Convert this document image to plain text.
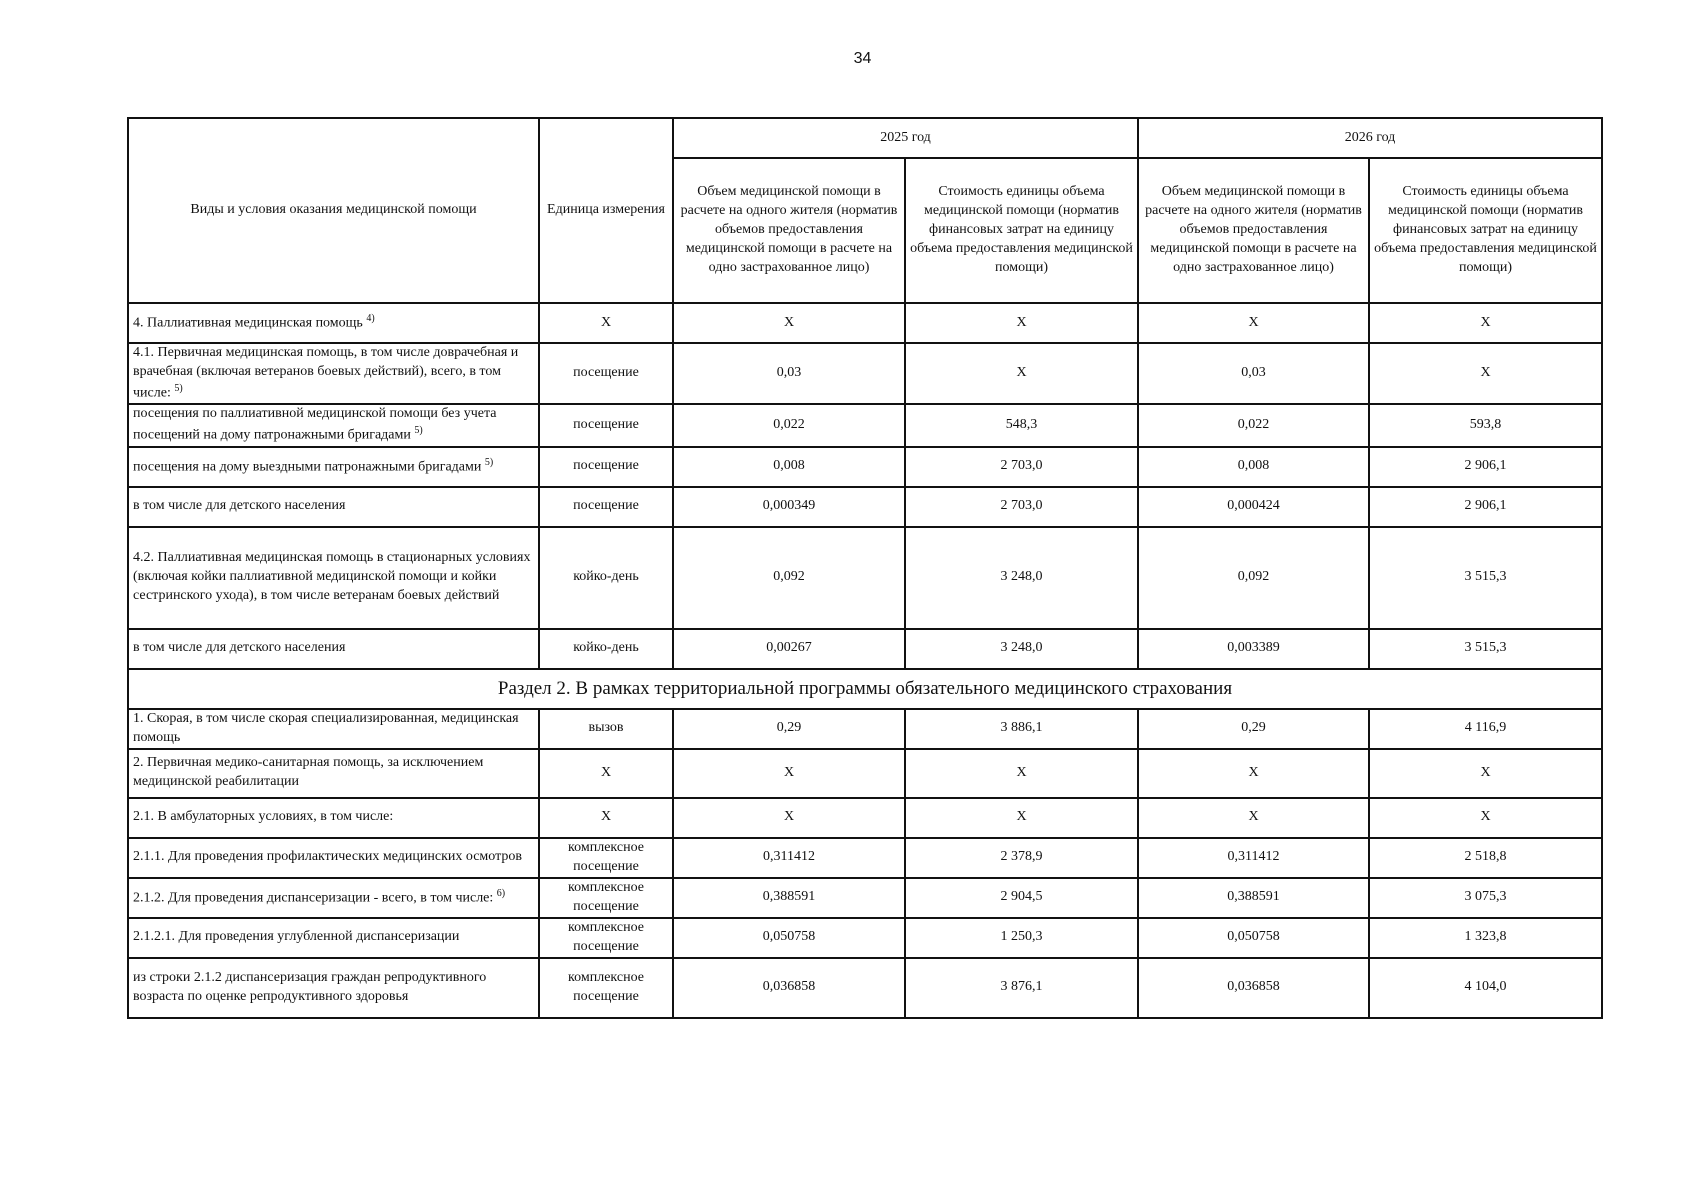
34
Виды и условия оказания медицинской помощи	Единица измерения	2025 год		2026 год	
		Объем медицинской помощи в расчете на одного жителя (норматив объемов предоставления медицинской помощи в расчете на одно застрахованное лицо)	Стоимость единицы объема медицинской помощи (норматив финансовых затрат на единицу объема предоставления медицинской помощи)	Объем медицинской помощи в расчете на одного жителя (норматив объемов предоставления медицинской помощи в расчете на одно застрахованное лицо)	Стоимость единицы объема медицинской помощи (норматив финансовых затрат на единицу объема предоставления медицинской помощи)
4. Паллиативная медицинская помощь $^{4)}$	Х	Х	Х	Х	Х
4.1. Первичная медицинская помощь, в том числе доврачебная и врачебная (включая ветеранов боевых действий), всего, в том числе: $^{5)}$	посещение	0,03	Х	0,03	Х
посещения по паллиативной медицинской помощи без учета посещений на дому патронажными бригадами $^{5)}$	посещение	0,022	548,3	0,022	593,8
посещения на дому выездными патронажными бригадами $^{5)}$	посещение	0,008	2 703,0	0,008	2 906,1
в том числе для детского населения	посещение	0,000349	2 703,0	0,000424	2 906,1
4.2. Паллиативная медицинская помощь в стационарных условиях (включая койки паллиативной медицинской помощи и койки сестринского ухода), в том числе ветеранам боевых действий	койко-день	0,092	3 248,0	0,092	3 515,3
в том числе для детского населения	койко-день	0,00267	3 248,0	0,003389	3 515,3
Раздел 2. В рамках территориальной программы обязательного медицинского страхования					
1. Скорая, в том числе скорая специализированная, медицинская помощь	вызов	0,29	3 886,1	0,29	4 116,9
2. Первичная медико-санитарная помощь, за исключением медицинской реабилитации	Х	Х	Х	Х	Х
2.1. В амбулаторных условиях, в том числе:	Х	Х	Х	Х	Х
2.1.1. Для проведения профилактических медицинских осмотров	комплексное посещение	0,311412	2 378,9	0,311412	2 518,8
2.1.2. Для проведения диспансеризации - всего, в том числе: $^{6)}$	комплексное посещение	0,388591	2 904,5	0,388591	3 075,3
2.1.2.1. Для проведения углубленной диспансеризации	комплексное посещение	0,050758	1 250,3	0,050758	1 323,8
из строки 2.1.2 диспансеризация граждан репродуктивного возраста по оценке репродуктивного здоровья	комплексное посещение	0,036858	3 876,1	0,036858	4 104,0
